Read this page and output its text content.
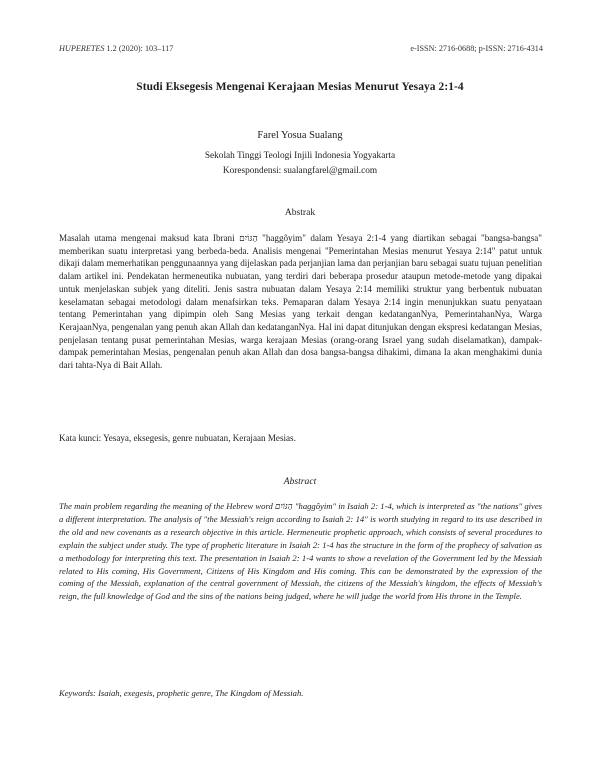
HUPERETES 1.2 (2020): 103–117	e-ISSN: 2716-0688; p-ISSN: 2716-4314
Studi Eksegesis Mengenai Kerajaan Mesias Menurut Yesaya 2:1-4
Farel Yosua Sualang
Sekolah Tinggi Teologi Injili Indonesia Yogyakarta
Korespondensi: sualangfarel@gmail.com
Abstrak

Masalah utama mengenai maksud kata Ibrani הַגּוֹיִם "haggôyim" dalam Yesaya 2:1-4 yang diartikan sebagai "bangsa-bangsa" memberikan suatu interpretasi yang berbeda-beda. Analisis mengenai "Pemerintahan Mesias menurut Yesaya 2:14" patut untuk dikaji dalam memerhatikan penggunaannya yang dijelaskan pada perjanjian lama dan perjanjian baru sebagai suatu tujuan penelitian dalam artikel ini. Pendekatan hermeneutika nubuatan, yang terdiri dari beberapa prosedur ataupun metode-metode yang dipakai untuk menjelaskan subjek yang diteliti. Jenis sastra nubuatan dalam Yesaya 2:14 memiliki struktur yang berbentuk nubuatan keselamatan sebagai metodologi dalam menafsirkan teks. Pemaparan dalam Yesaya 2:14 ingin menunjukkan suatu penyataan tentang Pemerintahan yang dipimpin oleh Sang Mesias yang terkait dengan kedatanganNya, PemerintahanNya, Warga KerajaanNya, pengenalan yang penuh akan Allah dan kedatanganNya. Hal ini dapat ditunjukan dengan ekspresi kedatangan Mesias, penjelasan tentang pusat pemerintahan Mesias, warga kerajaan Mesias (orang-orang Israel yang sudah diselamatkan), dampak-dampak pemerintahan Mesias, pengenalan penuh akan Allah dan dosa bangsa-bangsa dihakimi, dimana Ia akan menghakimi dunia dari tahta-Nya di Bait Allah.

Kata kunci: Yesaya, eksegesis, genre nubuatan, Kerajaan Mesias.

Abstract

The main problem regarding the meaning of the Hebrew word הַגּוֹיִם "haggôyim" in Isaiah 2: 1-4, which is interpreted as "the nations" gives a different interpretation. The analysis of "the Messiah's reign according to Isaiah 2: 14" is worth studying in regard to its use described in the old and new covenants as a research objective in this article. Hermeneutic prophetic approach, which consists of several procedures to explain the subject under study. The type of prophetic literature in Isaiah 2: 1-4 has the structure in the form of the prophecy of salvation as a methodology for interpreting this text. The presentation in Isaiah 2: 1-4 wants to show a revelation of the Government led by the Messiah related to His coming, His Government, Citizens of His Kingdom and His coming. This can be demonstrated by the expression of the coming of the Messiah, explanation of the central government of Messiah, the citizens of the Messiah's kingdom, the effects of Messiah's reign, the full knowledge of God and the sins of the nations being judged, where he will judge the world from His throne in the Temple.

Keywords: Isaiah, exegesis, prophetic genre, The Kingdom of Messiah.
